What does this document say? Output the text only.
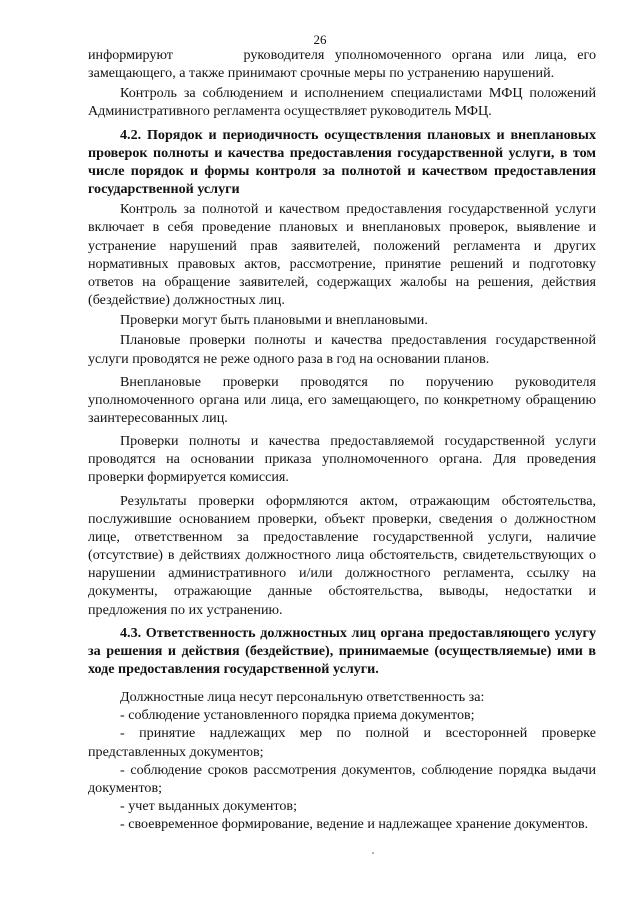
26

информируют руководителя уполномоченного органа или лица, его замещающего, а также принимают срочные меры по устранению нарушений.

Контроль за соблюдением и исполнением специалистами МФЦ положений Административного регламента осуществляет руководитель МФЦ.

4.2. Порядок и периодичность осуществления плановых и внеплановых проверок полноты и качества предоставления государственной услуги, в том числе порядок и формы контроля за полнотой и качеством предоставления государственной услуги

Контроль за полнотой и качеством предоставления государственной услуги включает в себя проведение плановых и внеплановых проверок, выявление и устранение нарушений прав заявителей, положений регламента и других нормативных правовых актов, рассмотрение, принятие решений и подготовку ответов на обращение заявителей, содержащих жалобы на решения, действия (бездействие) должностных лиц.

Проверки могут быть плановыми и внеплановыми.

Плановые проверки полноты и качества предоставления государственной услуги проводятся не реже одного раза в год на основании планов.

Внеплановые проверки проводятся по поручению руководителя уполномоченного органа или лица, его замещающего, по конкретному обращению заинтересованных лиц.

Проверки полноты и качества предоставляемой государственной услуги проводятся на основании приказа уполномоченного органа. Для проведения проверки формируется комиссия.

Результаты проверки оформляются актом, отражающим обстоятельства, послужившие основанием проверки, объект проверки, сведения о должностном лице, ответственном за предоставление государственной услуги, наличие (отсутствие) в действиях должностного лица обстоятельств, свидетельствующих о нарушении административного и/или должностного регламента, ссылку на документы, отражающие данные обстоятельства, выводы, недостатки и предложения по их устранению.

4.3. Ответственность должностных лиц органа предоставляющего услугу за решения и действия (бездействие), принимаемые (осуществляемые) ими в ходе предоставления государственной услуги.

Должностные лица несут персональную ответственность за:

- соблюдение установленного порядка приема документов;

- принятие надлежащих мер по полной и всесторонней проверке представленных документов;

- соблюдение сроков рассмотрения документов, соблюдение порядка выдачи документов;

- учет выданных документов;

- своевременное формирование, ведение и надлежащее хранение документов.
